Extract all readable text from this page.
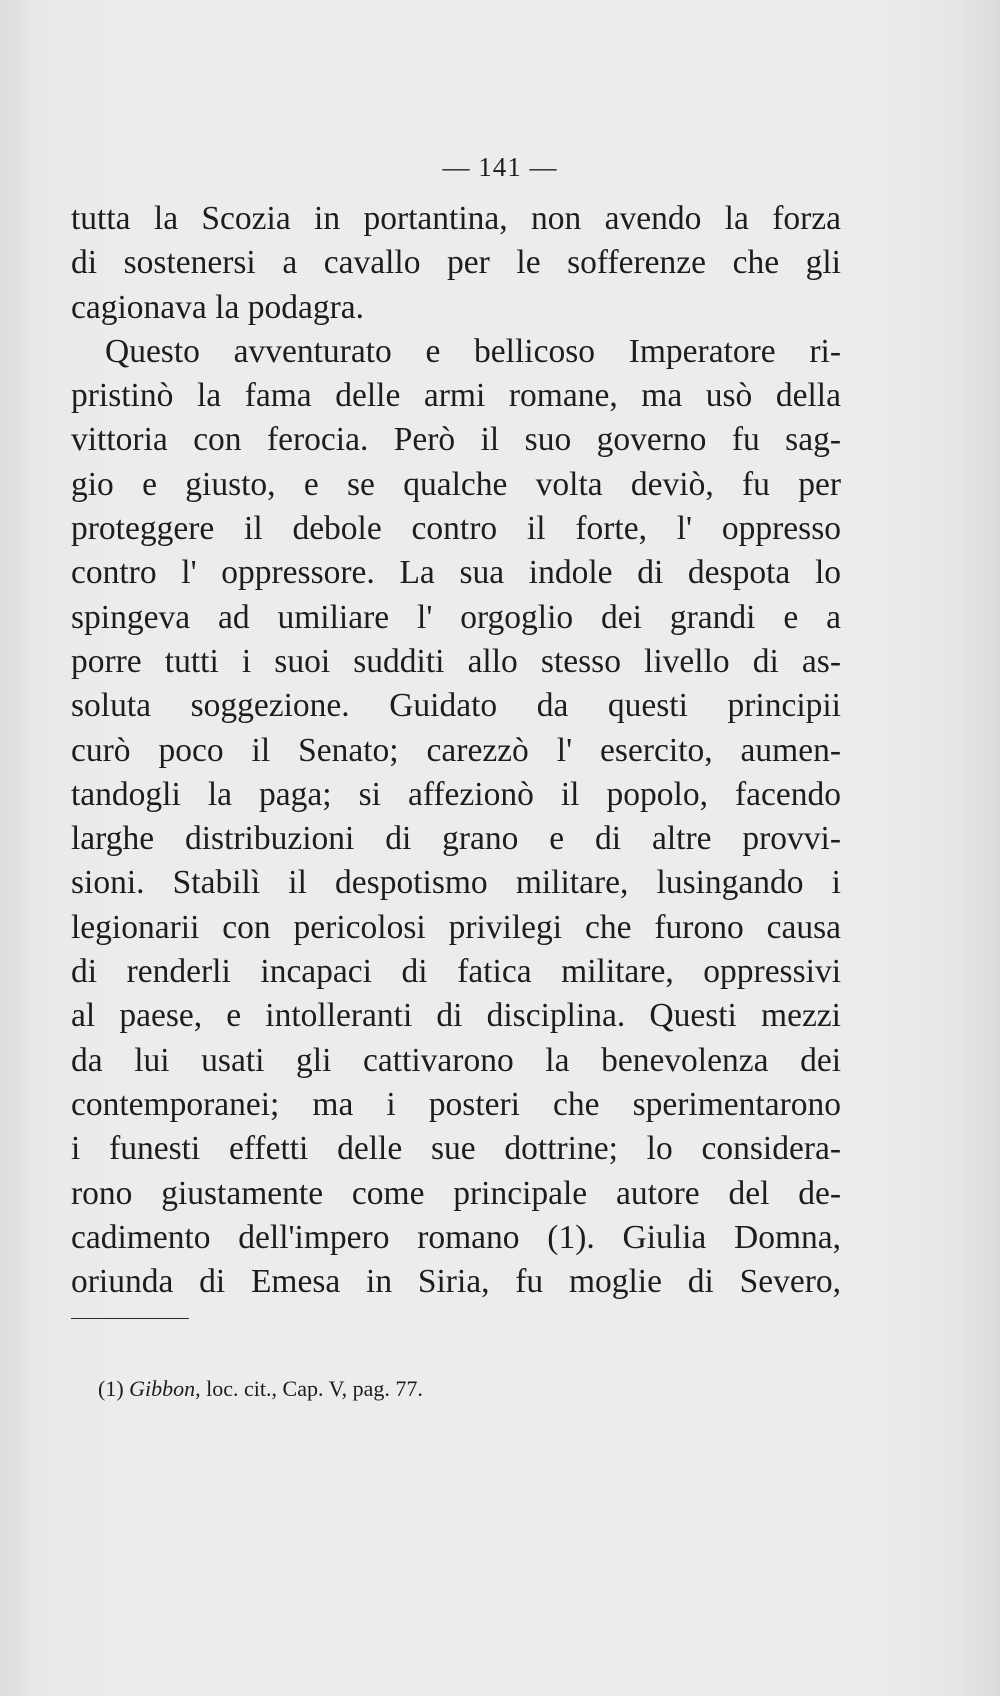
— 141 —
tutta la Scozia in portantina, non avendo la forza
di sostenersi a cavallo per le sofferenze che gli
cagionava la podagra.
Questo avventurato e bellicoso Imperatore ri-
pristinò la fama delle armi romane, ma usò della
vittoria con ferocia. Però il suo governo fu sag-
gio e giusto, e se qualche volta deviò, fu per
proteggere il debole contro il forte, l' oppresso
contro l' oppressore. La sua indole di despota lo
spingeva ad umiliare l' orgoglio dei grandi e a
porre tutti i suoi sudditi allo stesso livello di as-
soluta soggezione. Guidato da questi principii
curò poco il Senato; carezzò l' esercito, aumen-
tandogli la paga; si affezionò il popolo, facendo
larghe distribuzioni di grano e di altre provvi-
sioni. Stabilì il despotismo militare, lusingando i
legionarii con pericolosi privilegi che furono causa
di renderli incapaci di fatica militare, oppressivi
al paese, e intolleranti di disciplina. Questi mezzi
da lui usati gli cattivarono la benevolenza dei
contemporanei; ma i posteri che sperimentarono
i funesti effetti delle sue dottrine; lo considera-
rono giustamente come principale autore del de-
cadimento dell'impero romano (1). Giulia Domna,
oriunda di Emesa in Siria, fu moglie di Severo,
(1) Gibbon, loc. cit., Cap. V, pag. 77.
